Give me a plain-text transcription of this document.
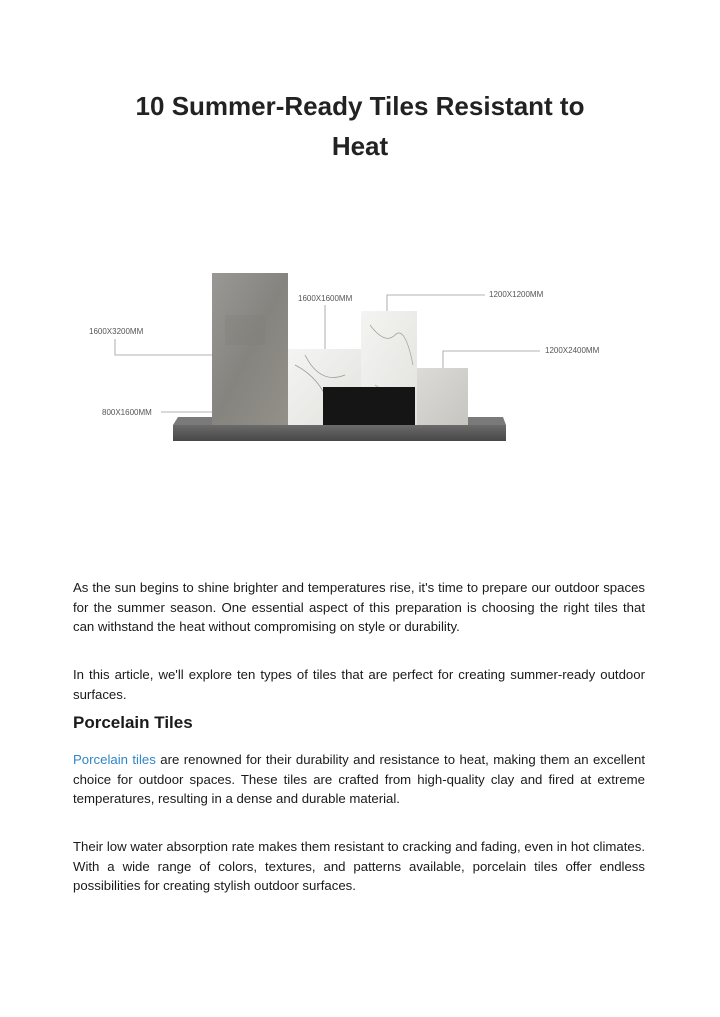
10 Summer-Ready Tiles Resistant to
Heat
1600X3200MM
800X1600MM
1600X1600MM	1200X1200MM
1200X2400MM

As the sun begins to shine brighter and temperatures rise, it's time to prepare our outdoor spaces for the summer season. One essential aspect of this preparation is choosing the right tiles that can withstand the heat without compromising on style or durability.

In this article, we'll explore ten types of tiles that are perfect for creating summer-ready outdoor surfaces.

Porcelain Tiles

Porcelain tiles are renowned for their durability and resistance to heat, making them an excellent choice for outdoor spaces. These tiles are crafted from high-quality clay and fired at extreme temperatures, resulting in a dense and durable material.

Their low water absorption rate makes them resistant to cracking and fading, even in hot climates. With a wide range of colors, textures, and patterns available, porcelain tiles offer endless possibilities for creating stylish outdoor surfaces.
